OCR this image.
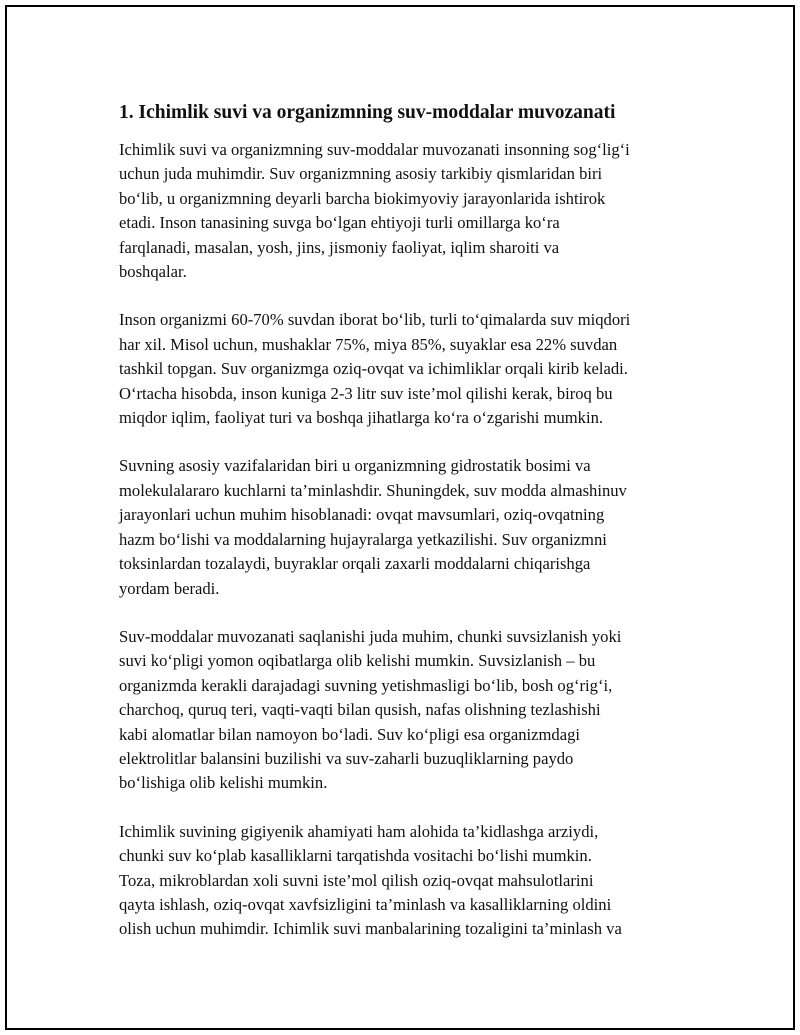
1. Ichimlik suvi va organizmning suv-moddalar muvozanati

Ichimlik suvi va organizmning suv-moddalar muvozanati insonning sog‘lig‘i
uchun juda muhimdir. Suv organizmning asosiy tarkibiy qismlaridan biri
bo‘lib, u organizmning deyarli barcha biokimyoviy jarayonlarida ishtirok
etadi. Inson tanasining suvga bo‘lgan ehtiyoji turli omillarga ko‘ra
farqlanadi, masalan, yosh, jins, jismoniy faoliyat, iqlim sharoiti va
boshqalar.

Inson organizmi 60-70% suvdan iborat bo‘lib, turli to‘qimalarda suv miqdori
har xil. Misol uchun, mushaklar 75%, miya 85%, suyaklar esa 22% suvdan
tashkil topgan. Suv organizmga oziq-ovqat va ichimliklar orqali kirib keladi.
O‘rtacha hisobda, inson kuniga 2-3 litr suv iste’mol qilishi kerak, biroq bu
miqdor iqlim, faoliyat turi va boshqa jihatlarga ko‘ra o‘zgarishi mumkin.

Suvning asosiy vazifalaridan biri u organizmning gidrostatik bosimi va
molekulalararo kuchlarni ta’minlashdir. Shuningdek, suv modda almashinuv
jarayonlari uchun muhim hisoblanadi: ovqat mavsumlari, oziq-ovqatning
hazm bo‘lishi va moddalarning hujayralarga yetkazilishi. Suv organizmni
toksinlardan tozalaydi, buyraklar orqali zaxarli moddalarni chiqarishga
yordam beradi.

Suv-moddalar muvozanati saqlanishi juda muhim, chunki suvsizlanish yoki
suvi ko‘pligi yomon oqibatlarga olib kelishi mumkin. Suvsizlanish – bu
organizmda kerakli darajadagi suvning yetishmasligi bo‘lib, bosh og‘rig‘i,
charchoq, quruq teri, vaqti-vaqti bilan qusish, nafas olishning tezlashishi
kabi alomatlar bilan namoyon bo‘ladi. Suv ko‘pligi esa organizmdagi
elektrolitlar balansini buzilishi va suv-zaharli buzuqliklarning paydo
bo‘lishiga olib kelishi mumkin.

Ichimlik suvining gigiyenik ahamiyati ham alohida ta’kidlashga arziydi,
chunki suv ko‘plab kasalliklarni tarqatishda vositachi bo‘lishi mumkin.
Toza, mikroblardan xoli suvni iste’mol qilish oziq-ovqat mahsulotlarini
qayta ishlash, oziq-ovqat xavfsizligini ta’minlash va kasalliklarning oldini
olish uchun muhimdir. Ichimlik suvi manbalarining tozaligini ta’minlash va
